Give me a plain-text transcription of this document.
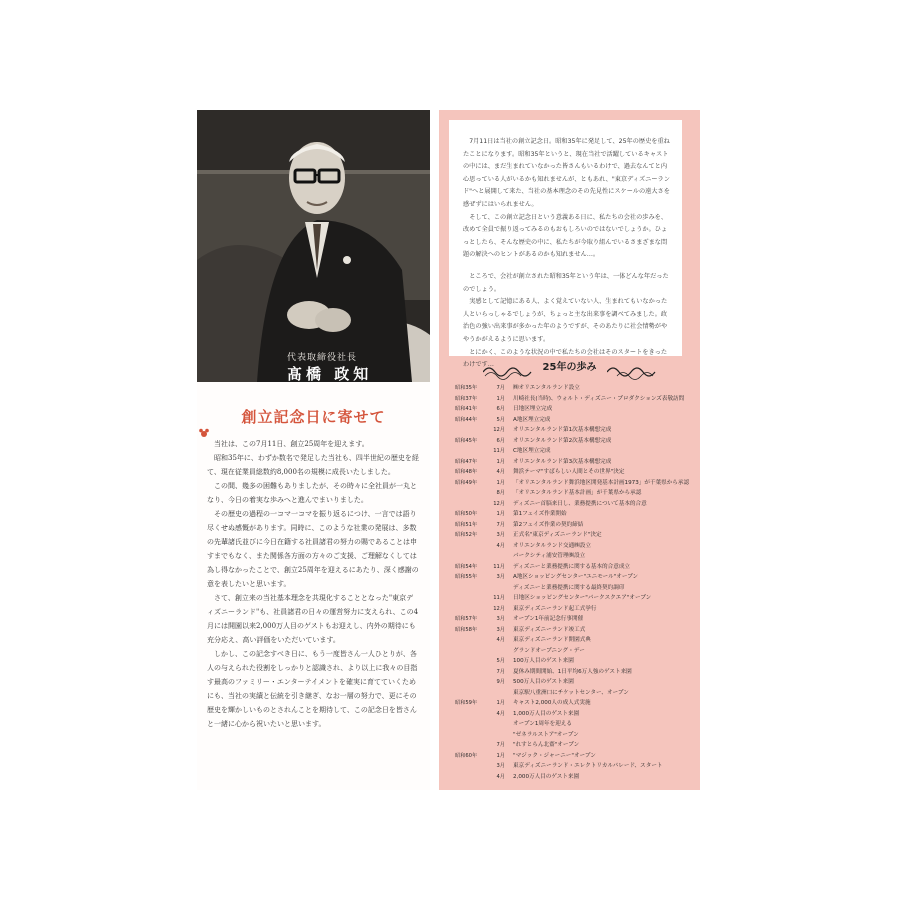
代表取締役社長
髙橋 政知
創立記念日に寄せて

当社は、この7月11日、創立25周年を迎えます。

昭和35年に、わずか数名で発足した当社も、四半世紀の歴史を経て、現在従業員総数約8,000名の規模に成長いたしました。

この間、幾多の困難もありましたが、その時々に全社員が一丸となり、今日の着実な歩みへと進んでまいりました。

その歴史の過程の一コマ一コマを振り返るにつけ、一言では語り尽くせぬ感慨があります。同時に、このような社業の発展は、多数の先輩諸氏並びに今日在籍する社員諸君の努力の賜であることは申すまでもなく、また関係各方面の方々のご支援、ご理解なくしては為し得なかったことで、創立25周年を迎えるにあたり、深く感謝の意を表したいと思います。

さて、創立来の当社基本理念を共現化することとなった"東京ディズニーランド"も、社員諸君の日々の運営努力に支えられ、この4月には開園以来2,000万人目のゲストもお迎えし、内外の期待にも充分応え、高い評価をいただいています。

しかし、この記念すべき日に、もう一度皆さん一人ひとりが、各人の与えられた役割をしっかりと認識され、より以上に我々の目指す最高のファミリー・エンターテイメントを確実に育てていくためにも、当社の実績と伝統を引き継ぎ、なお一層の努力で、更にその歴史を輝かしいものとされんことを期待して、この記念日を皆さんと一緒に心から祝いたいと思います。

7月11日は当社の創立記念日。昭和35年に発足して、25年の歴史を重ねたことになります。昭和35年というと、現在当社で活躍しているキャストの中には、まだ生まれていなかった皆さんもいるわけで、過去なんてと内心思っている人がいるかも知れませんが、ともあれ、"東京ディズニーランド"へと展開して来た、当社の基本理念のその先見性にスケールの遠大さを感ぜずにはいられません。

そして、この創立記念日という意義ある日に、私たちの会社の歩みを、改めて全員で振り返ってみるのもおもしろいのではないでしょうか。ひょっとしたら、そんな歴史の中に、私たちが今取り組んでいるさまざまな問題の解決へのヒントがあるのかも知れません…。

ところで、会社が創立された昭和35年という年は、一体どんな年だったのでしょう。

実感として記憶にある人、よく覚えていない人、生まれてもいなかった人といらっしゃるでしょうが、ちょっと主な出来事を調べてみました。政治色の強い出来事が多かった年のようですが、そのあたりに社会情勢がややうかがえるように思います。

とにかく、このような状況の中で私たちの会社はそのスタートをきったわけです…	25年の歩み
昭和35年	7月 ㈱オリエンタルランド設立
昭和37年	1月 川崎社長(当時)、ウォルト・ディズニー・プロダクションズ表敬訪問
昭和41年	6月 日地区埋立完成
昭和44年	5月 A地区埋立完成
12月 オリエンタルランド第1次基本構想完成
昭和45年	6月 オリエンタルランド第2次基本構想完成
11月 C地区埋立完成
昭和47年	1月 オリエンタルランド第3次基本構想完成
昭和48年	4月 舞浜テーマ"すばらしい人間とその世界"決定
昭和49年	1月 「オリエンタルランド舞浜地区開発基本計画1973」が千葉県から承認
8月 「オリエンタルランド基本計画」が千葉県から承認
12月 ディズニー首脳来日し、業務提携について基本的合意
昭和50年	1月 第1フェイズ作業開始
昭和51年	7月 第2フェイズ作業の契約締結
昭和52年	3月 正式名"東京ディズニーランド"決定
4月 オリエンタルランド交通㈱設立
パークシティ浦安管理㈱設立
昭和54年	11月 ディズニーと業務提携に関する基本的合意成立
昭和55年	3月 A地区ショッピングセンター"ユニモール"オープン
ディズニーと業務提携に関する最終契約調印
11月 日地区ショッピングセンター"パークスクエア"オープン
12月 東京ディズニーランド起工式挙行
昭和57年	3月 オープン1年前記念行事開催
昭和58年	3月 東京ディズニーランド竣工式
4月 東京ディズニーランド開園式典
グランドオープニング・デー
5月 100万人目のゲスト来園
7月 夏休み期間開始、1日平均6万人強のゲスト来園
9月 500万人目のゲスト来園
東京駅八重洲口にチケットセンター、オープン
昭和59年	1月 キャスト2,000人の成人式実施
4月 1,000万人目のゲスト来園
オープン1周年を迎える
"ゼネラルストア"オープン
7月 "れすとらん北齋"オープン
昭和60年	1月 "マジック・ジャーニー"オープン
3月 東京ディズニーランド・エレクトリカルパレード、スタート
4月 2,000万人目のゲスト来園
